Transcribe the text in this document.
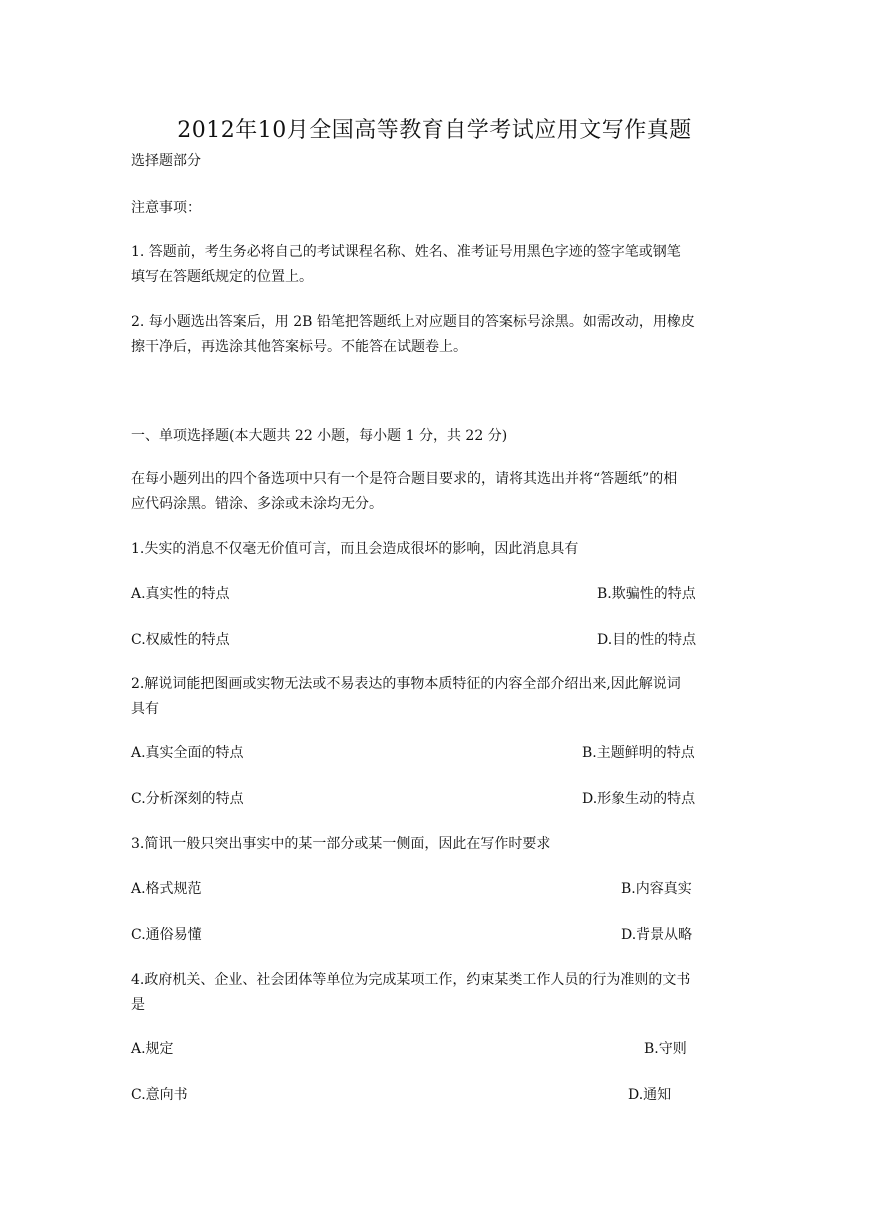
2012年10月全国高等教育自学考试应用文写作真题
选择题部分
注意事项：
1. 答题前，考生务必将自己的考试课程名称、姓名、准考证号用黑色字迹的签字笔或钢笔
填写在答题纸规定的位置上。
2. 每小题选出答案后，用 2B 铅笔把答题纸上对应题目的答案标号涂黑。如需改动，用橡皮
擦干净后，再选涂其他答案标号。不能答在试题卷上。
一、单项选择题(本大题共 22 小题，每小题 1 分，共 22 分)
在每小题列出的四个备选项中只有一个是符合题目要求的，请将其选出并将“答题纸”的相
应代码涂黑。错涂、多涂或未涂均无分。
1.失实的消息不仅毫无价值可言，而且会造成很坏的影响，因此消息具有
A.真实性的特点	B.欺骗性的特点
C.权威性的特点	D.目的性的特点
2.解说词能把图画或实物无法或不易表达的事物本质特征的内容全部介绍出来,因此解说词
具有
A.真实全面的特点	B.主题鲜明的特点
C.分析深刻的特点	D.形象生动的特点
3.简讯一般只突出事实中的某一部分或某一侧面，因此在写作时要求
A.格式规范	B.内容真实
C.通俗易懂	D.背景从略
4.政府机关、企业、社会团体等单位为完成某项工作，约束某类工作人员的行为准则的文书
是
A.规定	B.守则
C.意向书	D.通知
